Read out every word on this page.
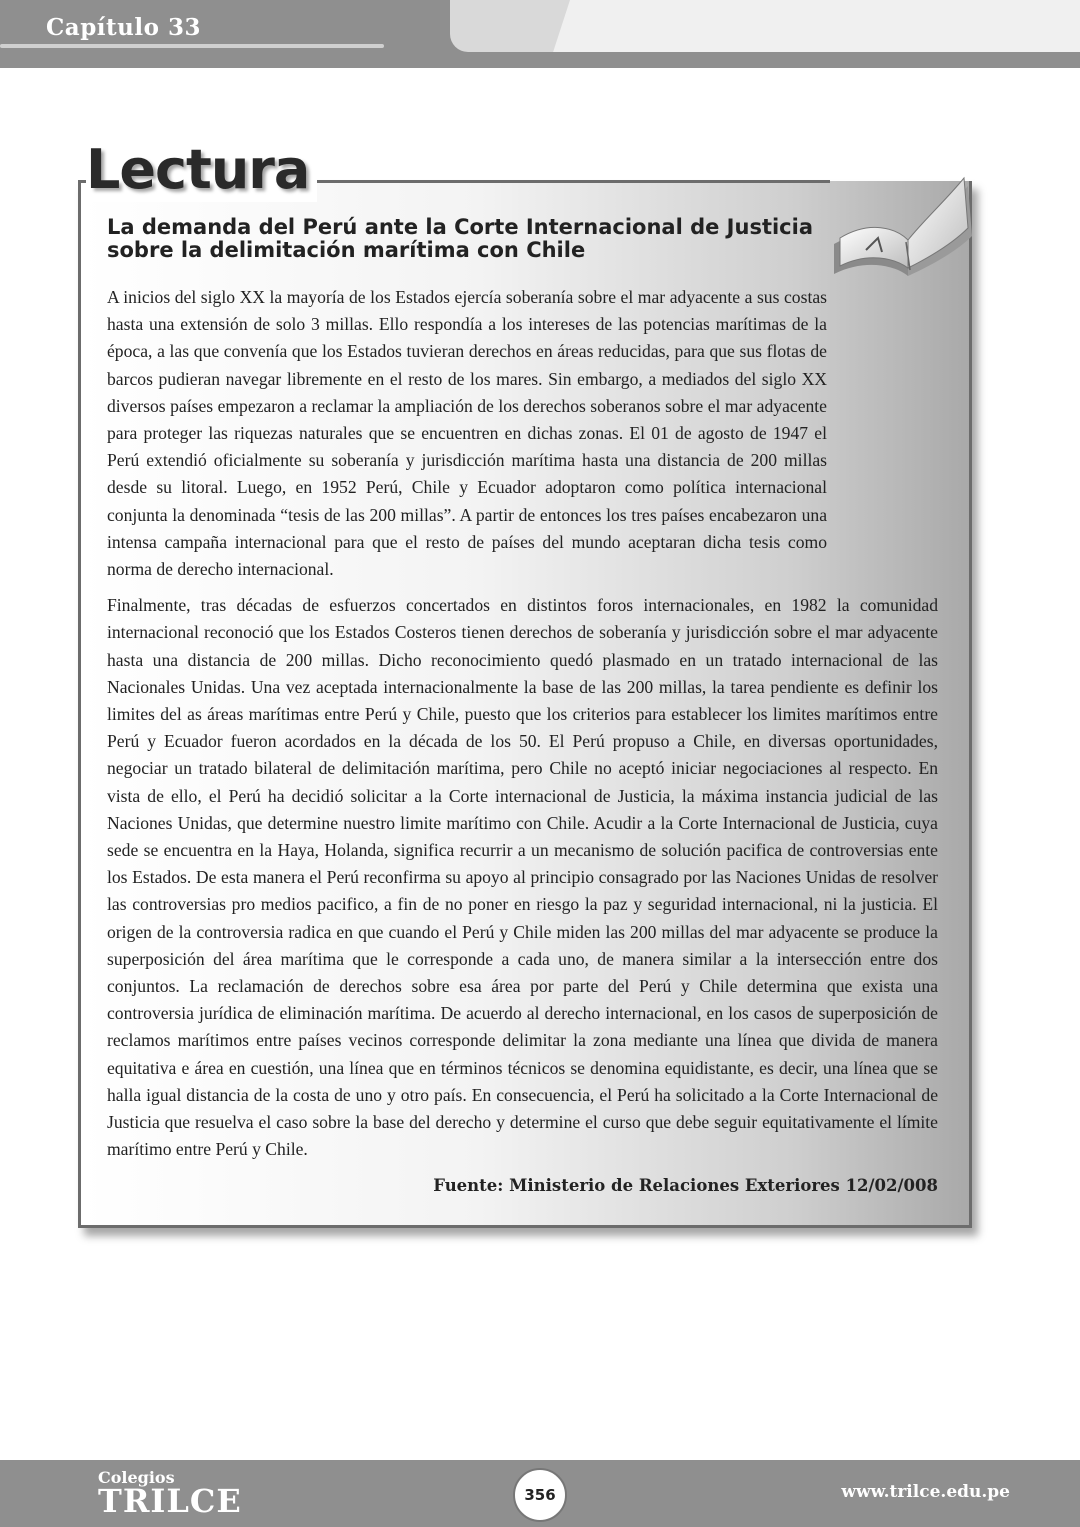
Capítulo 33
Lectura
La demanda del Perú ante la Corte Internacional de Justicia sobre la delimitación marítima con Chile

A inicios del siglo XX la mayoría de los Estados ejercía soberanía sobre el mar adyacente a sus costas hasta una extensión de solo 3 millas. Ello respondía a los intereses de las potencias marítimas de la época, a las que convenía que los Estados tuvieran derechos en áreas reducidas, para que sus flotas de barcos pudieran navegar libremente en el resto de los mares. Sin embargo, a mediados del siglo XX diversos países empezaron a reclamar la ampliación de los derechos soberanos sobre el mar adyacente para proteger las riquezas naturales que se encuentren en dichas zonas. El 01 de agosto de 1947 el Perú extendió oficialmente su soberanía y jurisdicción marítima hasta una distancia de 200 millas desde su litoral. Luego, en 1952 Perú, Chile y Ecuador adoptaron como política internacional conjunta la denominada “tesis de las 200 millas”. A partir de entonces los tres países encabezaron una intensa campaña internacional para que el resto de países del mundo aceptaran dicha tesis como norma de derecho internacional.

Finalmente, tras décadas de esfuerzos concertados en distintos foros internacionales, en 1982 la comunidad internacional reconoció que los Estados Costeros tienen derechos de soberanía y jurisdicción sobre el mar adyacente hasta una distancia de 200 millas. Dicho reconocimiento quedó plasmado en un tratado internacional de las Nacionales Unidas. Una vez aceptada internacionalmente la base de las 200 millas, la tarea pendiente es definir los limites del as áreas marítimas entre Perú y Chile, puesto que los criterios para establecer los limites marítimos entre Perú y Ecuador fueron acordados en la década de los 50. El Perú propuso a Chile, en diversas oportunidades, negociar un tratado bilateral de delimitación marítima, pero Chile no aceptó iniciar negociaciones al respecto. En vista de ello, el Perú ha decidió solicitar a la Corte internacional de Justicia, la máxima instancia judicial de las Naciones Unidas, que determine nuestro limite marítimo con Chile. Acudir a la Corte Internacional de Justicia, cuya sede se encuentra en la Haya, Holanda, significa recurrir a un mecanismo de solución pacifica de controversias ente los Estados. De esta manera el Perú reconfirma su apoyo al principio consagrado por las Naciones Unidas de resolver las controversias pro medios pacifico, a fin de no poner en riesgo la paz y seguridad internacional, ni la justicia. El origen de la controversia radica en que cuando el Perú y Chile miden las 200 millas del mar adyacente se produce la superposición del área marítima que le corresponde a cada uno, de manera similar a la intersección entre dos conjuntos. La reclamación de derechos sobre esa área por parte del Perú y Chile determina que exista una controversia jurídica de eliminación marítima. De acuerdo al derecho internacional, en los casos de superposición de reclamos marítimos entre países vecinos corresponde delimitar la zona mediante una línea que divida de manera equitativa e área en cuestión, una línea que en términos técnicos se denomina equidistante, es decir, una línea que se halla igual distancia de la costa de uno y otro país. En consecuencia, el Perú ha solicitado a la Corte Internacional de Justicia que resuelva el caso sobre la base del derecho y determine el curso que debe seguir equitativamente el límite marítimo entre Perú y Chile.

Fuente: Ministerio de Relaciones Exteriores 12/02/008
Colegios
TRILCE	356	www.trilce.edu.pe
